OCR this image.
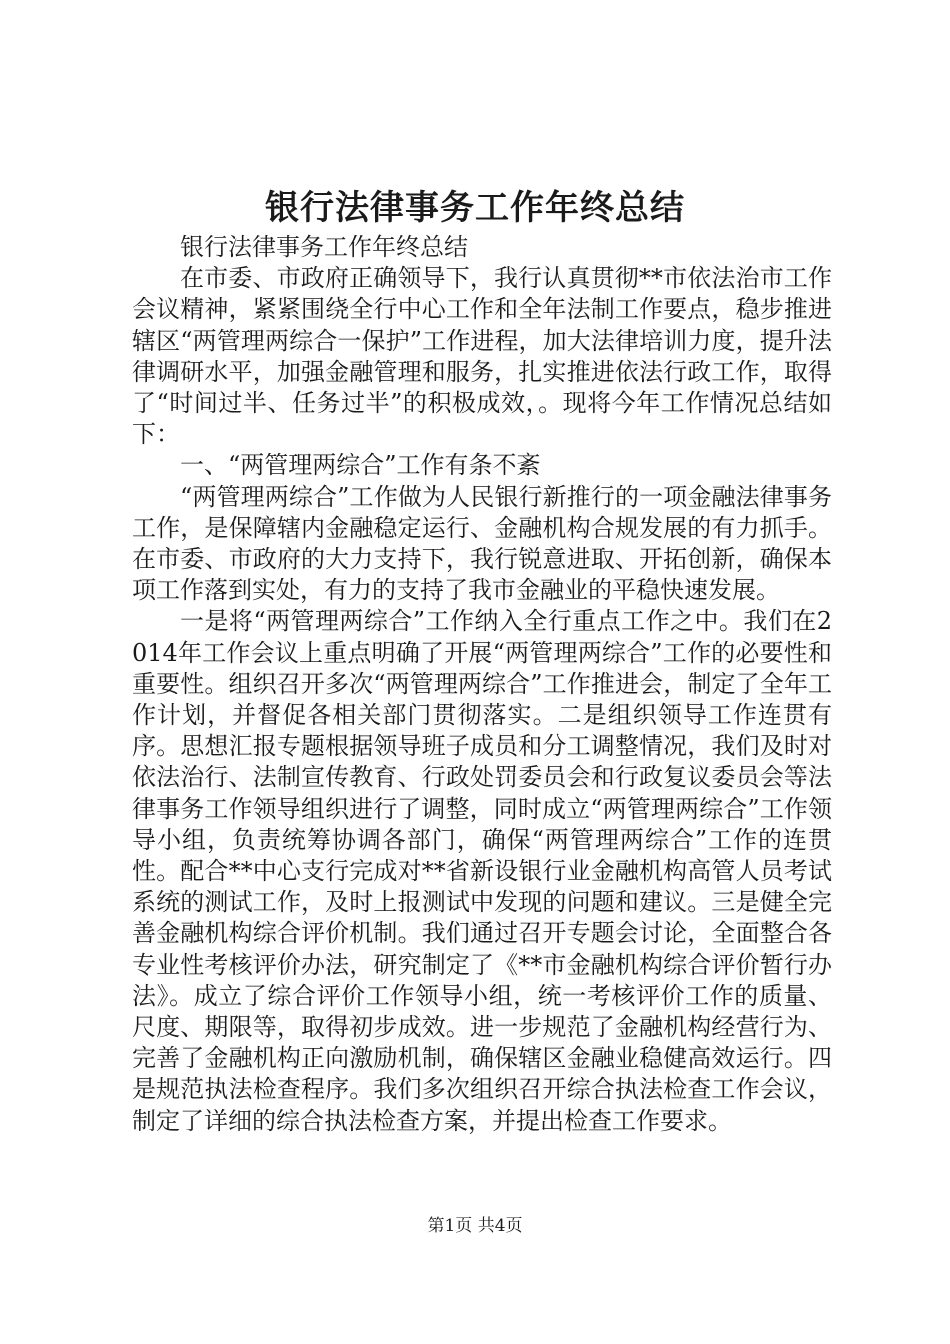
银行法律事务工作年终总结

银行法律事务工作年终总结

在市委、市政府正确领导下，我行认真贯彻**市依法治市工作会议精神，紧紧围绕全行中心工作和全年法制工作要点，稳步推进辖区“两管理两综合一保护”工作进程，加大法律培训力度，提升法律调研水平，加强金融管理和服务，扎实推进依法行政工作，取得了“时间过半、任务过半”的积极成效，。现将今年工作情况总结如下：

一、“两管理两综合”工作有条不紊

“两管理两综合”工作做为人民银行新推行的一项金融法律事务工作，是保障辖内金融稳定运行、金融机构合规发展的有力抓手。在市委、市政府的大力支持下，我行锐意进取、开拓创新，确保本项工作落到实处，有力的支持了我市金融业的平稳快速发展。

一是将“两管理两综合”工作纳入全行重点工作之中。我们在2014年工作会议上重点明确了开展“两管理两综合”工作的必要性和重要性。组织召开多次“两管理两综合”工作推进会，制定了全年工作计划，并督促各相关部门贯彻落实。二是组织领导工作连贯有序。思想汇报专题根据领导班子成员和分工调整情况，我们及时对依法治行、法制宣传教育、行政处罚委员会和行政复议委员会等法律事务工作领导组织进行了调整，同时成立“两管理两综合”工作领导小组，负责统筹协调各部门，确保“两管理两综合”工作的连贯性。配合**中心支行完成对**省新设银行业金融机构高管人员考试系统的测试工作，及时上报测试中发现的问题和建议。三是健全完善金融机构综合评价机制。我们通过召开专题会讨论，全面整合各专业性考核评价办法，研究制定了《**市金融机构综合评价暂行办法》。成立了综合评价工作领导小组，统一考核评价工作的质量、尺度、期限等，取得初步成效。进一步规范了金融机构经营行为、完善了金融机构正向激励机制，确保辖区金融业稳健高效运行。四是规范执法检查程序。我们多次组织召开综合执法检查工作会议，制定了详细的综合执法检查方案，并提出检查工作要求。

第1页 共4页
